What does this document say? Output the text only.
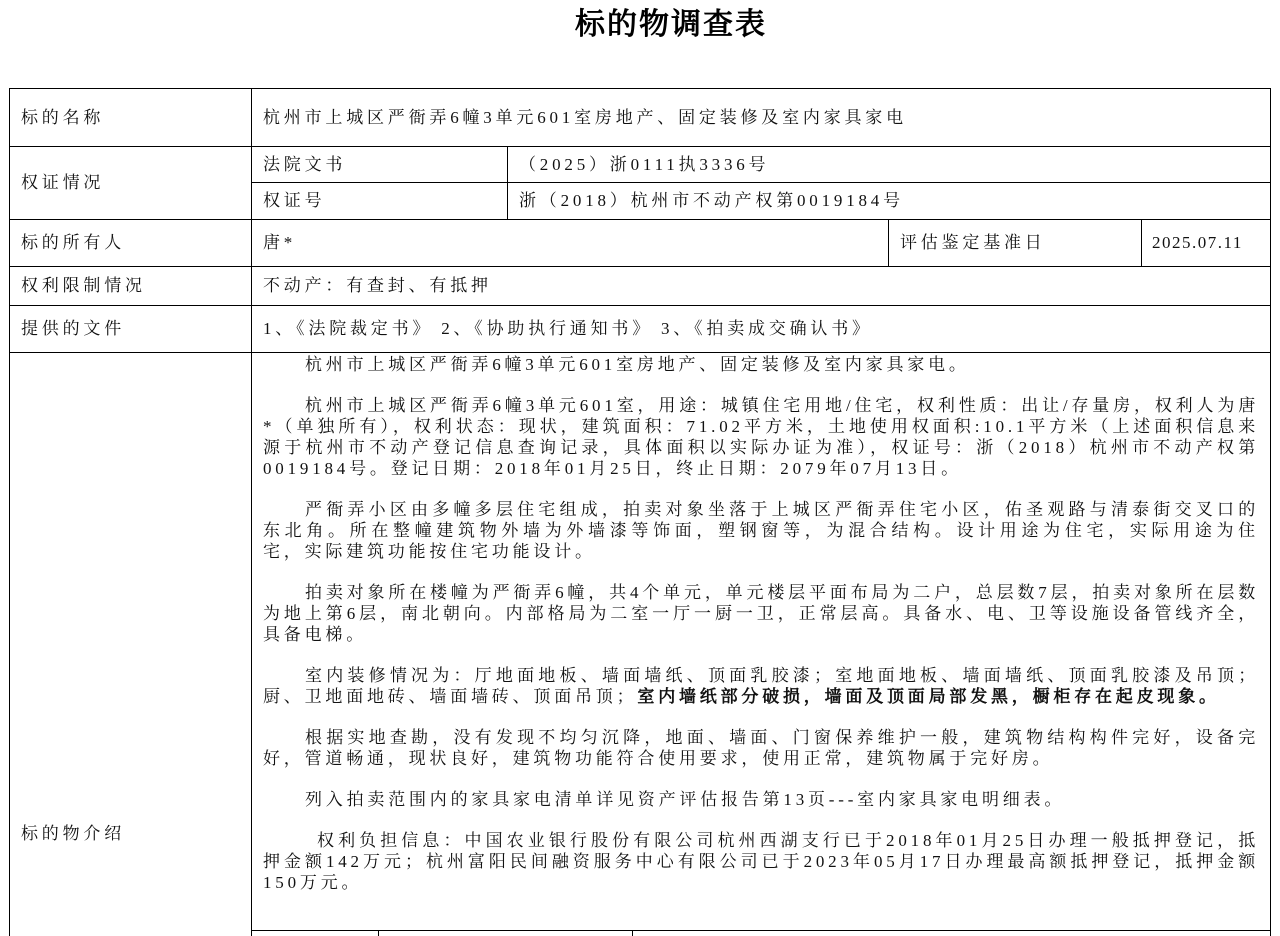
标的物调查表
标的名称	杭州市上城区严衙弄6幢3单元601室房地产、固定装修及室内家具家电
权证情况
法院文书	（2025）浙0111执3336号
权证号	浙（2018）杭州市不动产权第0019184号
标的所有人	唐*	评估鉴定基准日	2025.07.11
权利限制情况	不动产：有查封、有抵押
提供的文件	1、《法院裁定书》 2、《协助执行通知书》 3、《拍卖成交确认书》
标的物介绍

杭州市上城区严衙弄6幢3单元601室房地产、固定装修及室内家具家电。

杭州市上城区严衙弄6幢3单元601室，用途：城镇住宅用地/住宅，权利性质：出让/存量房，权利人为唐*（单独所有），权利状态：现状，建筑面积：71.02平方米，土地使用权面积:10.1平方米（上述面积信息来源于杭州市不动产登记信息查询记录，具体面积以实际办证为准），权证号：浙（2018）杭州市不动产权第0019184号。登记日期：2018年01月25日，终止日期：2079年07月13日。

严衙弄小区由多幢多层住宅组成，拍卖对象坐落于上城区严衙弄住宅小区，佑圣观路与清泰街交叉口的东北角。所在整幢建筑物外墙为外墙漆等饰面，塑钢窗等，为混合结构。设计用途为住宅，实际用途为住宅，实际建筑功能按住宅功能设计。

拍卖对象所在楼幢为严衙弄6幢，共4个单元，单元楼层平面布局为二户，总层数7层，拍卖对象所在层数为地上第6层，南北朝向。内部格局为二室一厅一厨一卫，正常层高。具备水、电、卫等设施设备管线齐全，具备电梯。

室内装修情况为：厅地面地板、墙面墙纸、顶面乳胶漆；室地面地板、墙面墙纸、顶面乳胶漆及吊顶；厨、卫地面地砖、墙面墙砖、顶面吊顶；室内墙纸部分破损，墙面及顶面局部发黑，橱柜存在起皮现象。

根据实地查勘，没有发现不均匀沉降，地面、墙面、门窗保养维护一般，建筑物结构构件完好，设备完好，管道畅通，现状良好，建筑物功能符合使用要求，使用正常，建筑物属于完好房。

列入拍卖范围内的家具家电清单详见资产评估报告第13页---室内家具家电明细表。

权利负担信息：中国农业银行股份有限公司杭州西湖支行已于2018年01月25日办理一般抵押登记，抵押金额142万元；杭州富阳民间融资服务中心有限公司已于2023年05月17日办理最高额抵押登记，抵押金额150万元。
